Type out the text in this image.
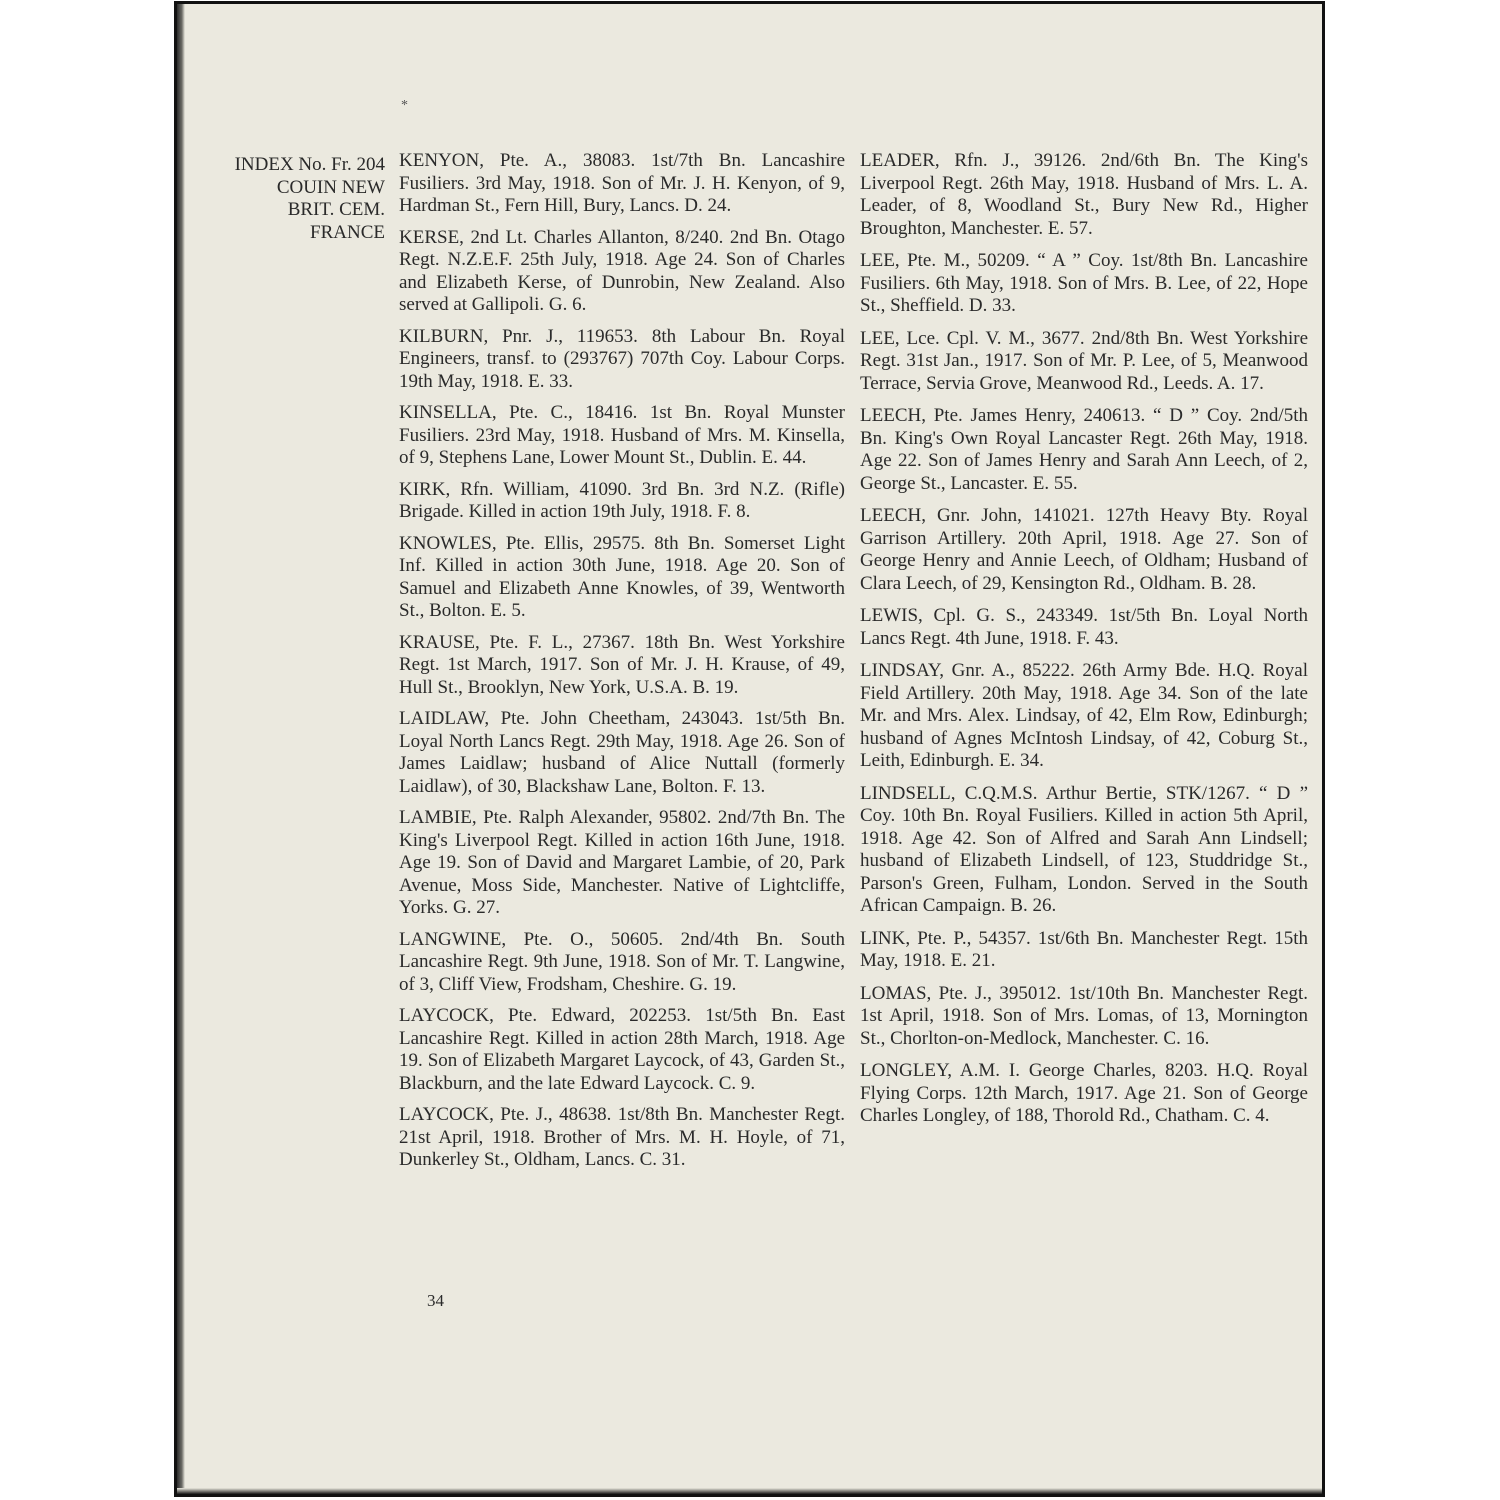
*
INDEX No. Fr. 204
COUIN NEW
BRIT. CEM.
FRANCE

KENYON, Pte. A., 38083. 1st/7th Bn. Lancashire Fusiliers. 3rd May, 1918. Son of Mr. J. H. Kenyon, of 9, Hardman St., Fern Hill, Bury, Lancs. D. 24.

KERSE, 2nd Lt. Charles Allanton, 8/240. 2nd Bn. Otago Regt. N.Z.E.F. 25th July, 1918. Age 24. Son of Charles and Elizabeth Kerse, of Dunrobin, New Zealand. Also served at Gallipoli. G. 6.

KILBURN, Pnr. J., 119653. 8th Labour Bn. Royal Engineers, transf. to (293767) 707th Coy. Labour Corps. 19th May, 1918. E. 33.

KINSELLA, Pte. C., 18416. 1st Bn. Royal Munster Fusiliers. 23rd May, 1918. Husband of Mrs. M. Kinsella, of 9, Stephens Lane, Lower Mount St., Dublin. E. 44.

KIRK, Rfn. William, 41090. 3rd Bn. 3rd N.Z. (Rifle) Brigade. Killed in action 19th July, 1918. F. 8.

KNOWLES, Pte. Ellis, 29575. 8th Bn. Somerset Light Inf. Killed in action 30th June, 1918. Age 20. Son of Samuel and Elizabeth Anne Knowles, of 39, Wentworth St., Bolton. E. 5.

KRAUSE, Pte. F. L., 27367. 18th Bn. West Yorkshire Regt. 1st March, 1917. Son of Mr. J. H. Krause, of 49, Hull St., Brooklyn, New York, U.S.A. B. 19.

LAIDLAW, Pte. John Cheetham, 243043. 1st/5th Bn. Loyal North Lancs Regt. 29th May, 1918. Age 26. Son of James Laidlaw; husband of Alice Nuttall (formerly Laidlaw), of 30, Blackshaw Lane, Bolton. F. 13.

LAMBIE, Pte. Ralph Alexander, 95802. 2nd/7th Bn. The King's Liverpool Regt. Killed in action 16th June, 1918. Age 19. Son of David and Margaret Lambie, of 20, Park Avenue, Moss Side, Manchester. Native of Lightcliffe, Yorks. G. 27.

LANGWINE, Pte. O., 50605. 2nd/4th Bn. South Lancashire Regt. 9th June, 1918. Son of Mr. T. Langwine, of 3, Cliff View, Frodsham, Cheshire. G. 19.

LAYCOCK, Pte. Edward, 202253. 1st/5th Bn. East Lancashire Regt. Killed in action 28th March, 1918. Age 19. Son of Elizabeth Margaret Laycock, of 43, Garden St., Blackburn, and the late Edward Laycock. C. 9.

LAYCOCK, Pte. J., 48638. 1st/8th Bn. Manchester Regt. 21st April, 1918. Brother of Mrs. M. H. Hoyle, of 71, Dunkerley St., Oldham, Lancs. C. 31.

LEADER, Rfn. J., 39126. 2nd/6th Bn. The King's Liverpool Regt. 26th May, 1918. Husband of Mrs. L. A. Leader, of 8, Woodland St., Bury New Rd., Higher Broughton, Manchester. E. 57.

LEE, Pte. M., 50209. “ A ” Coy. 1st/8th Bn. Lancashire Fusiliers. 6th May, 1918. Son of Mrs. B. Lee, of 22, Hope St., Sheffield. D. 33.

LEE, Lce. Cpl. V. M., 3677. 2nd/8th Bn. West Yorkshire Regt. 31st Jan., 1917. Son of Mr. P. Lee, of 5, Meanwood Terrace, Servia Grove, Meanwood Rd., Leeds. A. 17.

LEECH, Pte. James Henry, 240613. “ D ” Coy. 2nd/5th Bn. King's Own Royal Lancaster Regt. 26th May, 1918. Age 22. Son of James Henry and Sarah Ann Leech, of 2, George St., Lancaster. E. 55.

LEECH, Gnr. John, 141021. 127th Heavy Bty. Royal Garrison Artillery. 20th April, 1918. Age 27. Son of George Henry and Annie Leech, of Oldham; Husband of Clara Leech, of 29, Kensington Rd., Oldham. B. 28.

LEWIS, Cpl. G. S., 243349. 1st/5th Bn. Loyal North Lancs Regt. 4th June, 1918. F. 43.

LINDSAY, Gnr. A., 85222. 26th Army Bde. H.Q. Royal Field Artillery. 20th May, 1918. Age 34. Son of the late Mr. and Mrs. Alex. Lindsay, of 42, Elm Row, Edinburgh; husband of Agnes McIntosh Lindsay, of 42, Coburg St., Leith, Edinburgh. E. 34.

LINDSELL, C.Q.M.S. Arthur Bertie, STK/1267. “ D ” Coy. 10th Bn. Royal Fusiliers. Killed in action 5th April, 1918. Age 42. Son of Alfred and Sarah Ann Lindsell; husband of Elizabeth Lindsell, of 123, Studdridge St., Parson's Green, Fulham, London. Served in the South African Campaign. B. 26.

LINK, Pte. P., 54357. 1st/6th Bn. Manchester Regt. 15th May, 1918. E. 21.

LOMAS, Pte. J., 395012. 1st/10th Bn. Manchester Regt. 1st April, 1918. Son of Mrs. Lomas, of 13, Mornington St., Chorlton-on-Medlock, Manchester. C. 16.

LONGLEY, A.M. I. George Charles, 8203. H.Q. Royal Flying Corps. 12th March, 1917. Age 21. Son of George Charles Longley, of 188, Thorold Rd., Chatham. C. 4.

34
